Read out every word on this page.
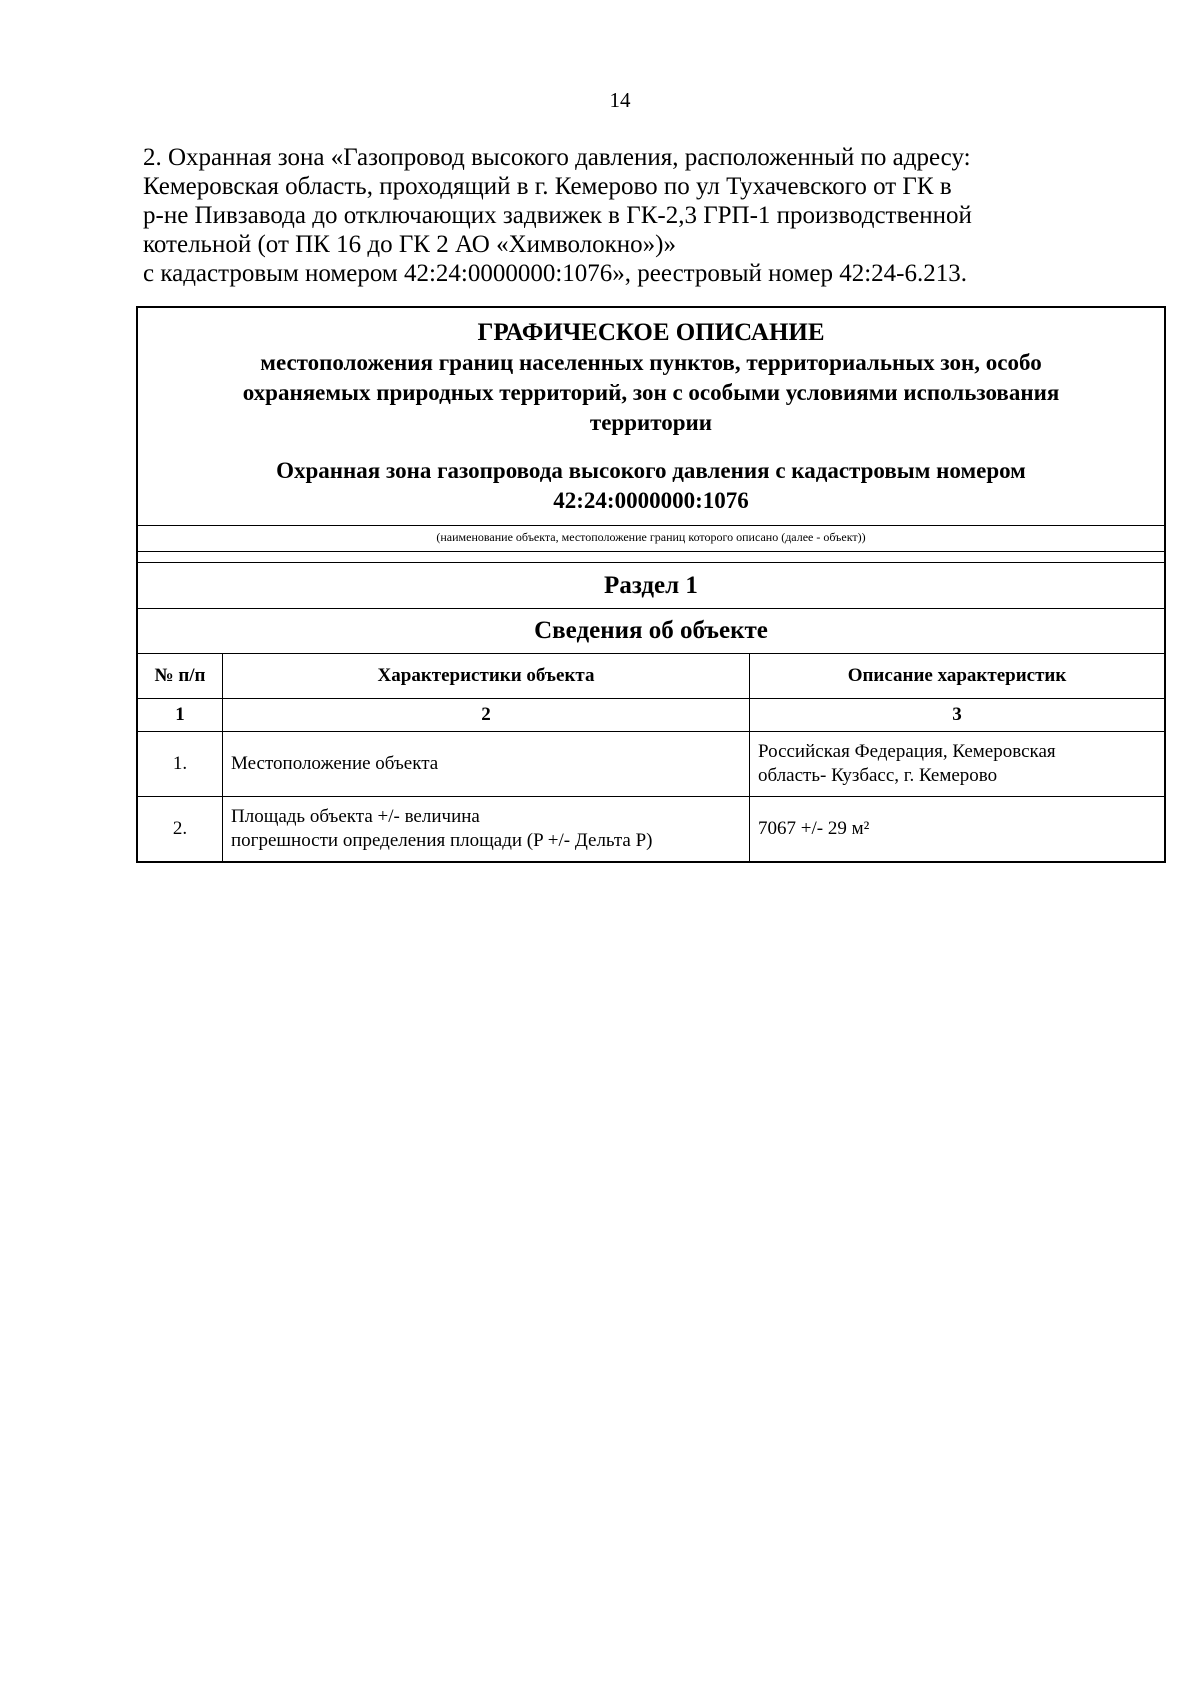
14

2. Охранная зона «Газопровод высокого давления, расположенный по адресу:

Кемеровская область, проходящий в г. Кемерово по ул Тухачевского от ГК в

р-не Пивзавода до отключающих задвижек в ГК-2,3 ГРП-1 производственной

котельной (от ПК 16 до ГК 2 АО «Химволокно»)»

с кадастровым номером 42:24:0000000:1076», реестровый номер 42:24-6.213.

ГРАФИЧЕСКОЕ ОПИСАНИЕ
местоположения границ населенных пунктов, территориальных зон, особо
охраняемых природных территорий, зон с особыми условиями использования
территории
Охранная зона газопровода высокого давления с кадастровым номером
42:24:0000000:1076
(наименование объекта, местоположение границ которого описано (далее - объект))
Раздел 1
Сведения об объекте
№ п/п	Характеристики объекта	Описание характеристик
1	2	3
1.	Местоположение объекта	Российская Федерация, Кемеровская
область- Кузбасс, г. Кемерово

2.	Площадь объекта +/- величина
погрешности определения площади (P +/- Дельта P)	7067 +/- 29 м²
